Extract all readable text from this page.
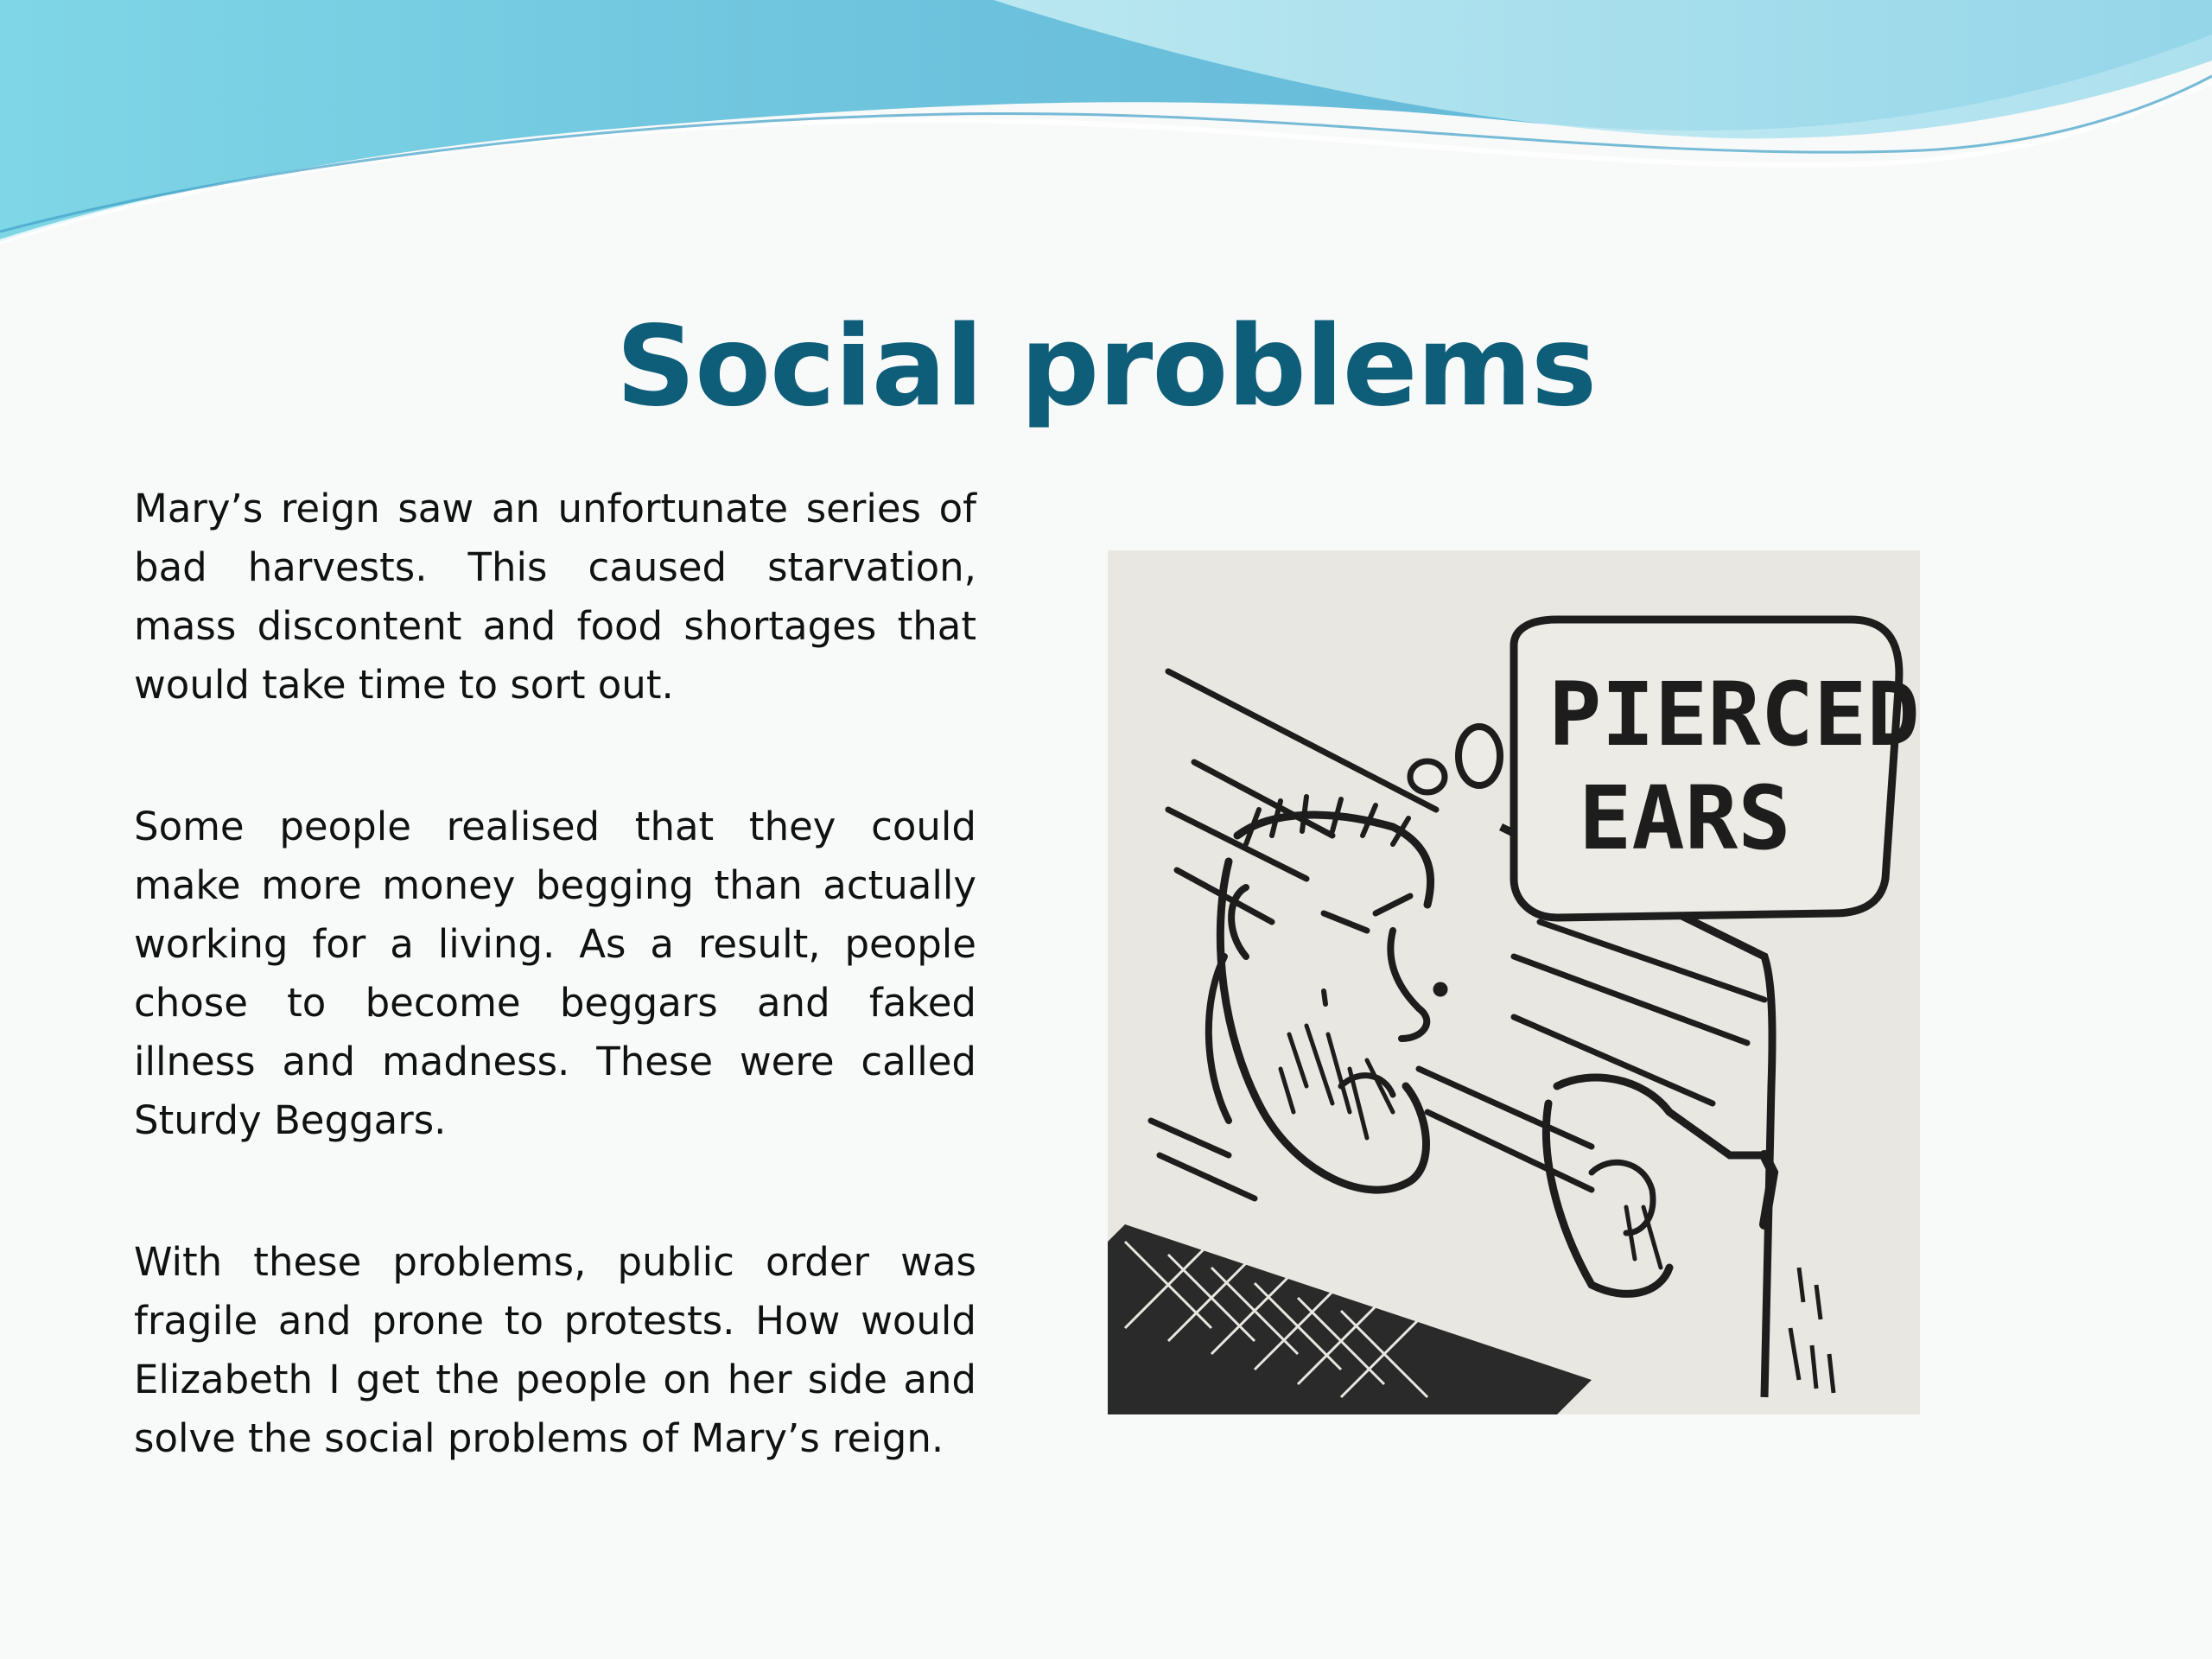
Social problems

Mary’s reign saw an unfortunate series of bad harvests. This caused starvation, mass discontent and food shortages that would take time to sort out.

Some people realised that they could make more money begging than actually working for a living. As a result, people chose to become beggars and faked illness and madness. These were called Sturdy Beggars.

With these problems, public order was fragile and prone to protests. How would Elizabeth I get the people on her side and solve the social problems of Mary’s reign.

PIERCED
EARS
